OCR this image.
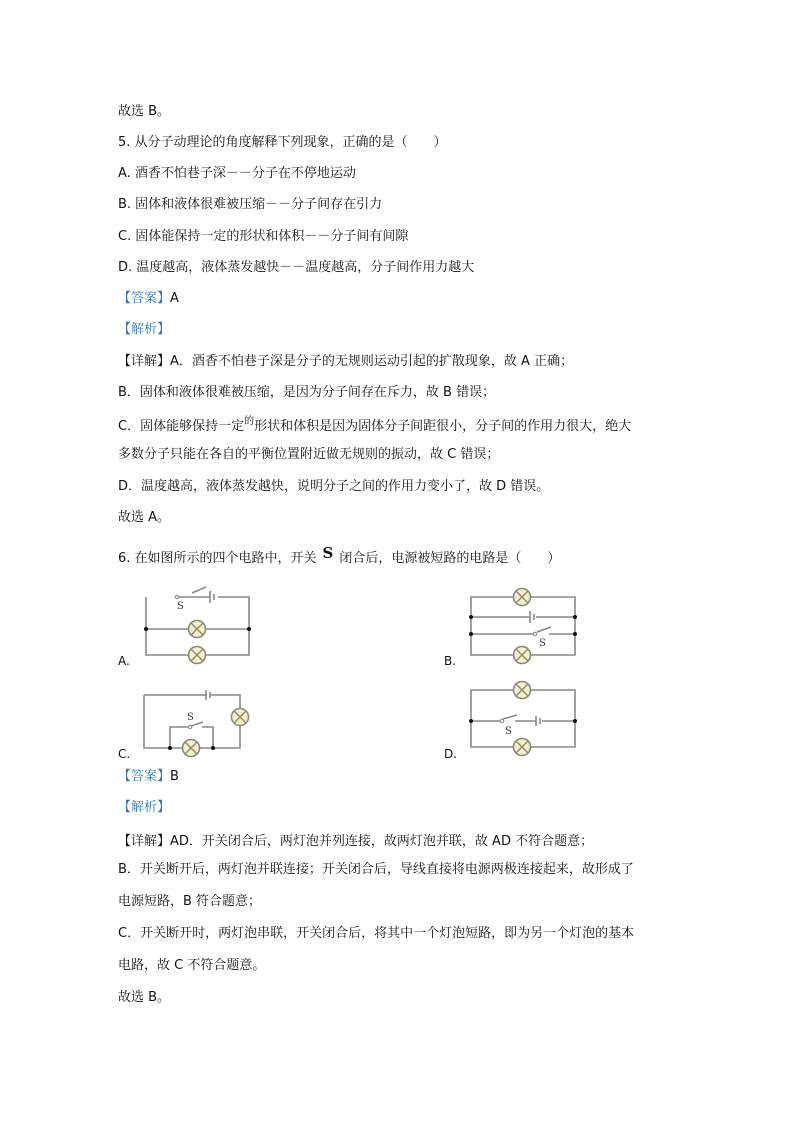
故选 B。
5. 从分子动理论的角度解释下列现象，正确的是（　　）
A. 酒香不怕巷子深－－分子在不停地运动
B. 固体和液体很难被压缩－－分子间存在引力
C. 固体能保持一定的形状和体积－－分子间有间隙
D. 温度越高，液体蒸发越快－－温度越高，分子间作用力越大
【答案】A
【解析】
【详解】A．酒香不怕巷子深是分子的无规则运动引起的扩散现象，故 A 正确；
B．固体和液体很难被压缩，是因为分子间存在斥力，故 B 错误；
C．固体能够保持一定$^的$形状和体积是因为固体分子间距很小，分子间的作用力很大，绝大
多数分子只能在各自的平衡位置附近做无规则的振动，故 C 错误；
D．温度越高，液体蒸发越快，说明分子之间的作用力变小了，故 D 错误。
故选 A。
6. 在如图所示的四个电路中，开关 S 闭合后，电源被短路的电路是（　　）
S
S
S
S
A.	B.
C.	D.
【答案】B
【解析】
【详解】AD．开关闭合后，两灯泡并列连接，故两灯泡并联，故 AD 不符合题意；
B．开关断开后，两灯泡并联连接；开关闭合后，导线直接将电源两极连接起来，故形成了
电源短路，B 符合题意；
C．开关断开时，两灯泡串联，开关闭合后，将其中一个灯泡短路，即为另一个灯泡的基本
电路，故 C 不符合题意。
故选 B。
